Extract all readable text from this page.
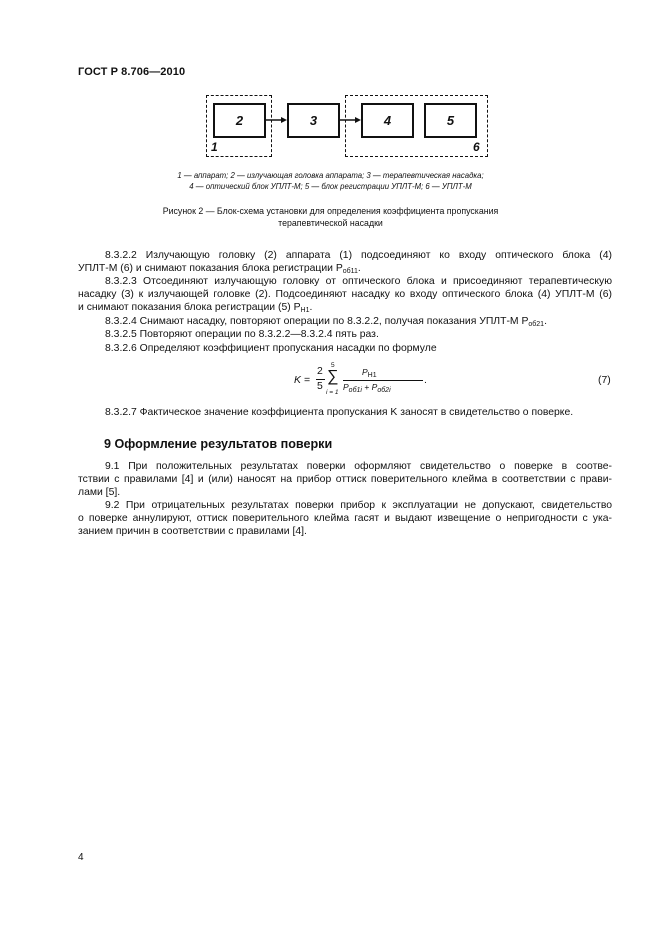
ГОСТ Р 8.706—2010
1	6
2	3	4	5
1 — аппарат; 2 — излучающая головка аппарата; 3 — терапевтическая насадка;
4 — оптический блок УПЛТ-М; 5 — блок регистрации УПЛТ-М; 6 — УПЛТ-М
Рисунок 2 — Блок-схема установки для определения коэффициента пропускания
терапевтической насадки
8.3.2.2 Излучающую головку (2) аппарата (1) подсоединяют ко входу оптического блока (4)
УПЛТ-М (6) и снимают показания блока регистрации $P_{об11}$.
8.3.2.3 Отсоединяют излучающую головку от оптического блока и присоединяют терапевтическую
насадку (3) к излучающей головке (2). Подсоединяют насадку ко входу оптического блока (4) УПЛТ-М (6)
и снимают показания блока регистрации (5) $P_{Н1}$.
8.3.2.4 Снимают насадку, повторяют операции по 8.3.2.2, получая показания УПЛТ-М $P_{об21}$.
8.3.2.5 Повторяют операции по 8.3.2.2—8.3.2.4 пять раз.
8.3.2.6 Определяют коэффициент пропускания насадки по формуле
K =
2
5
5
∑
i = 1
$P_{Н1}$
$P_{об1i} + P_{об2i}$
.	(7)
8.3.2.7 Фактическое значение коэффициента пропускания K заносят в свидетельство о поверке.
9 Оформление результатов поверки
9.1 При положительных результатах поверки оформляют свидетельство о поверке в соотве-
тствии с правилами [4] и (или) наносят на прибор оттиск поверительного клейма в соответствии с прави-
лами [5].
9.2 При отрицательных результатах поверки прибор к эксплуатации не допускают, свидетельство
о поверке аннулируют, оттиск поверительного клейма гасят и выдают извещение о непригодности с ука-
занием причин в соответствии с правилами [4].
4
